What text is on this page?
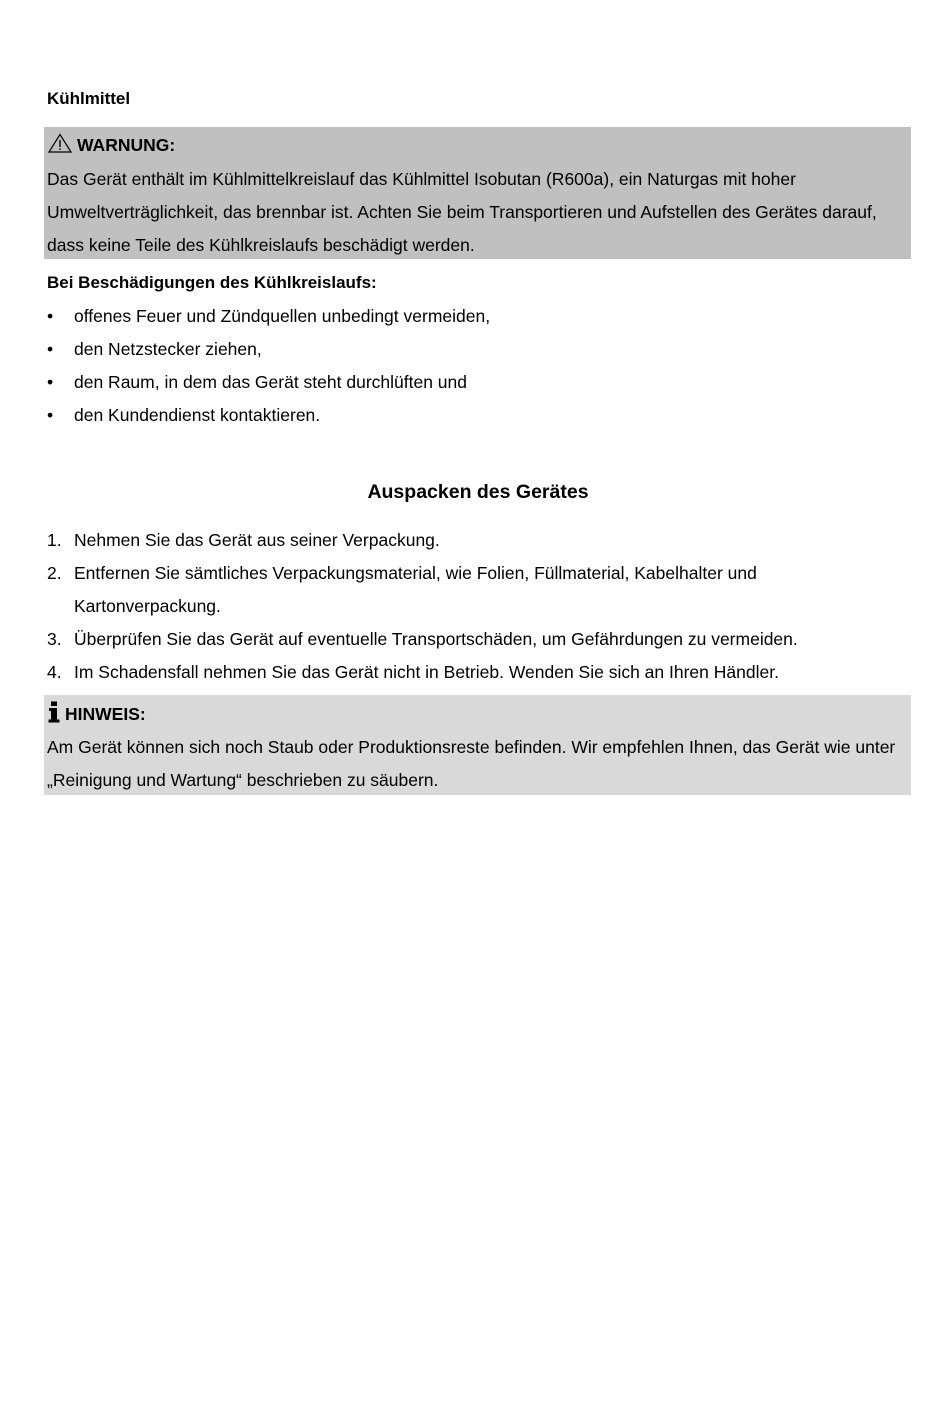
Kühlmittel
WARNUNG:
Das Gerät enthält im Kühlmittelkreislauf das Kühlmittel Isobutan (R600a), ein Naturgas mit hoher Umweltverträglichkeit, das brennbar ist. Achten Sie beim Transportieren und Aufstellen des Gerätes darauf, dass keine Teile des Kühlkreislaufs beschädigt werden.
Bei Beschädigungen des Kühlkreislaufs:
• offenes Feuer und Zündquellen unbedingt vermeiden,
• den Netzstecker ziehen,
• den Raum, in dem das Gerät steht durchlüften und
• den Kundendienst kontaktieren.
Auspacken des Gerätes
1. Nehmen Sie das Gerät aus seiner Verpackung.
2. Entfernen Sie sämtliches Verpackungsmaterial, wie Folien, Füllmaterial, Kabelhalter und Kartonverpackung.
3. Überprüfen Sie das Gerät auf eventuelle Transportschäden, um Gefährdungen zu vermeiden.
4. Im Schadensfall nehmen Sie das Gerät nicht in Betrieb. Wenden Sie sich an Ihren Händler.
HINWEIS:
Am Gerät können sich noch Staub oder Produktionsreste befinden. Wir empfehlen Ihnen, das Gerät wie unter „Reinigung und Wartung“ beschrieben zu säubern.
